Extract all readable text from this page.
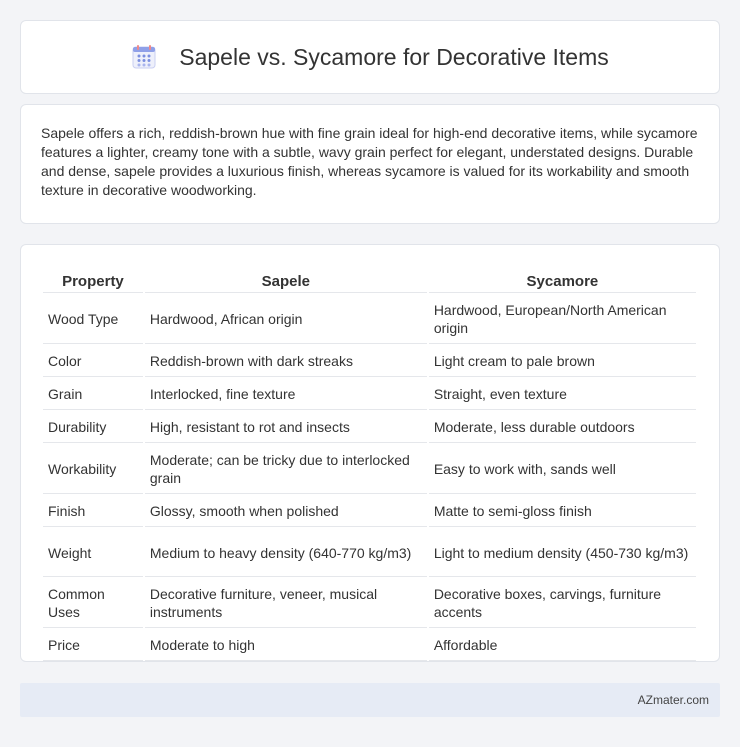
Sapele vs. Sycamore for Decorative Items

Sapele offers a rich, reddish-brown hue with fine grain ideal for high-end decorative items, while sycamore features a lighter, creamy tone with a subtle, wavy grain perfect for elegant, understated designs. Durable and dense, sapele provides a luxurious finish, whereas sycamore is valued for its workability and smooth texture in decorative woodworking.

Property	Sapele	Sycamore
Wood Type	Hardwood, African origin	Hardwood, European/North American origin
Color	Reddish-brown with dark streaks	Light cream to pale brown
Grain	Interlocked, fine texture	Straight, even texture
Durability	High, resistant to rot and insects	Moderate, less durable outdoors
Workability	Moderate; can be tricky due to interlocked grain	Easy to work with, sands well
Finish	Glossy, smooth when polished	Matte to semi-gloss finish
Weight	Medium to heavy density (640-770 kg/m3)	Light to medium density (450-730 kg/m3)
Common Uses	Decorative furniture, veneer, musical instruments	Decorative boxes, carvings, furniture accents
Price	Moderate to high	Affordable
AZmater.com
